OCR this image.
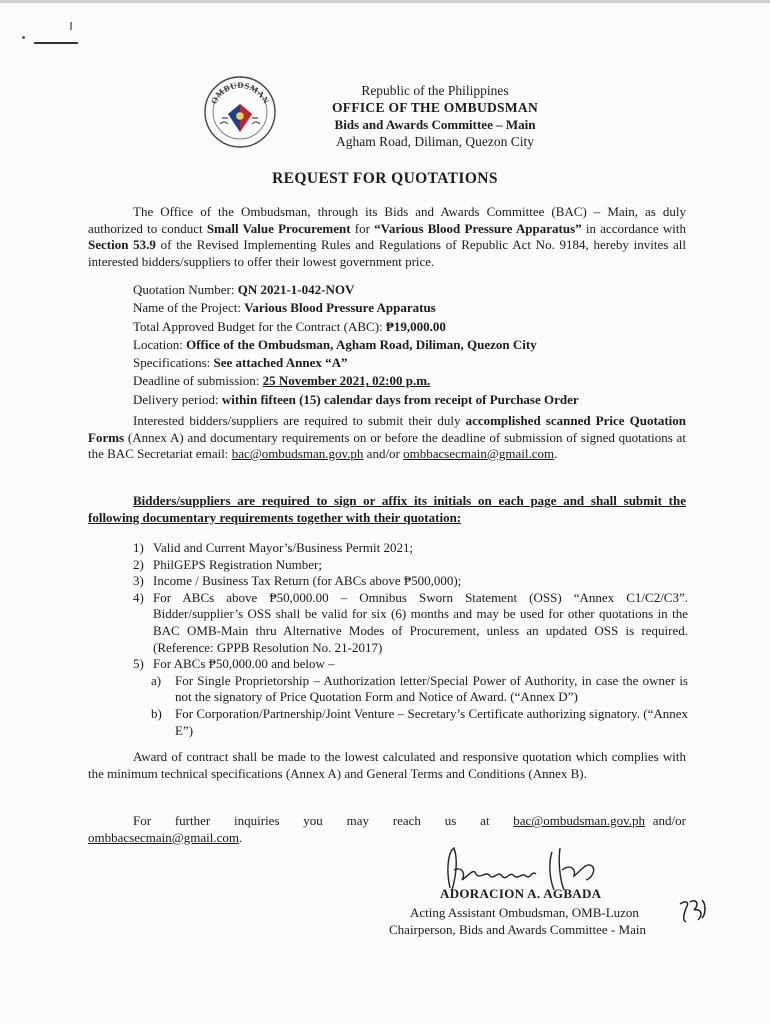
OMBUDSMAN
Republic of the Philippines
OFFICE OF THE OMBUDSMAN
Bids and Awards Committee – Main
Agham Road, Diliman, Quezon City
REQUEST FOR QUOTATIONS
The Office of the Ombudsman, through its Bids and Awards Committee (BAC) – Main, as duly authorized to conduct Small Value Procurement for “Various Blood Pressure Apparatus” in accordance with Section 53.9 of the Revised Implementing Rules and Regulations of Republic Act No. 9184, hereby invites all interested bidders/suppliers to offer their lowest government price.
Quotation Number: QN 2021-1-042-NOV
Name of the Project: Various Blood Pressure Apparatus
Total Approved Budget for the Contract (ABC): ₱19,000.00
Location: Office of the Ombudsman, Agham Road, Diliman, Quezon City
Specifications: See attached Annex “A”
Deadline of submission: 25 November 2021, 02:00 p.m.
Delivery period: within fifteen (15) calendar days from receipt of Purchase Order
Interested bidders/suppliers are required to submit their duly accomplished scanned Price Quotation Forms (Annex A) and documentary requirements on or before the deadline of submission of signed quotations at the BAC Secretariat email: bac@ombudsman.gov.ph and/or ombbacsecmain@gmail.com.
Bidders/suppliers are required to sign or affix its initials on each page and shall submit the following documentary requirements together with their quotation:
1) Valid and Current Mayor’s/Business Permit 2021;
2) PhilGEPS Registration Number;
3) Income / Business Tax Return (for ABCs above ₱500,000);
4) For ABCs above ₱50,000.00 – Omnibus Sworn Statement (OSS) “Annex C1/C2/C3”. Bidder/supplier’s OSS shall be valid for six (6) months and may be used for other quotations in the BAC OMB-Main thru Alternative Modes of Procurement, unless an updated OSS is required. (Reference: GPPB Resolution No. 21-2017)
5) For ABCs ₱50,000.00 and below –
a)	For Single Proprietorship – Authorization letter/Special Power of Authority, in case the owner is not the signatory of Price Quotation Form and Notice of Award. (“Annex D”)
b)	For Corporation/Partnership/Joint Venture – Secretary’s Certificate authorizing signatory. (“Annex E”)
Award of contract shall be made to the lowest calculated and responsive quotation which complies with the minimum technical specifications (Annex A) and General Terms and Conditions (Annex B).
For further inquiries you may reach us at bac@ombudsman.gov.ph and/or ombbacsecmain@gmail.com.
ADORACION A. AGBADA
Acting Assistant Ombudsman, OMB-Luzon
Chairperson, Bids and Awards Committee - Main
